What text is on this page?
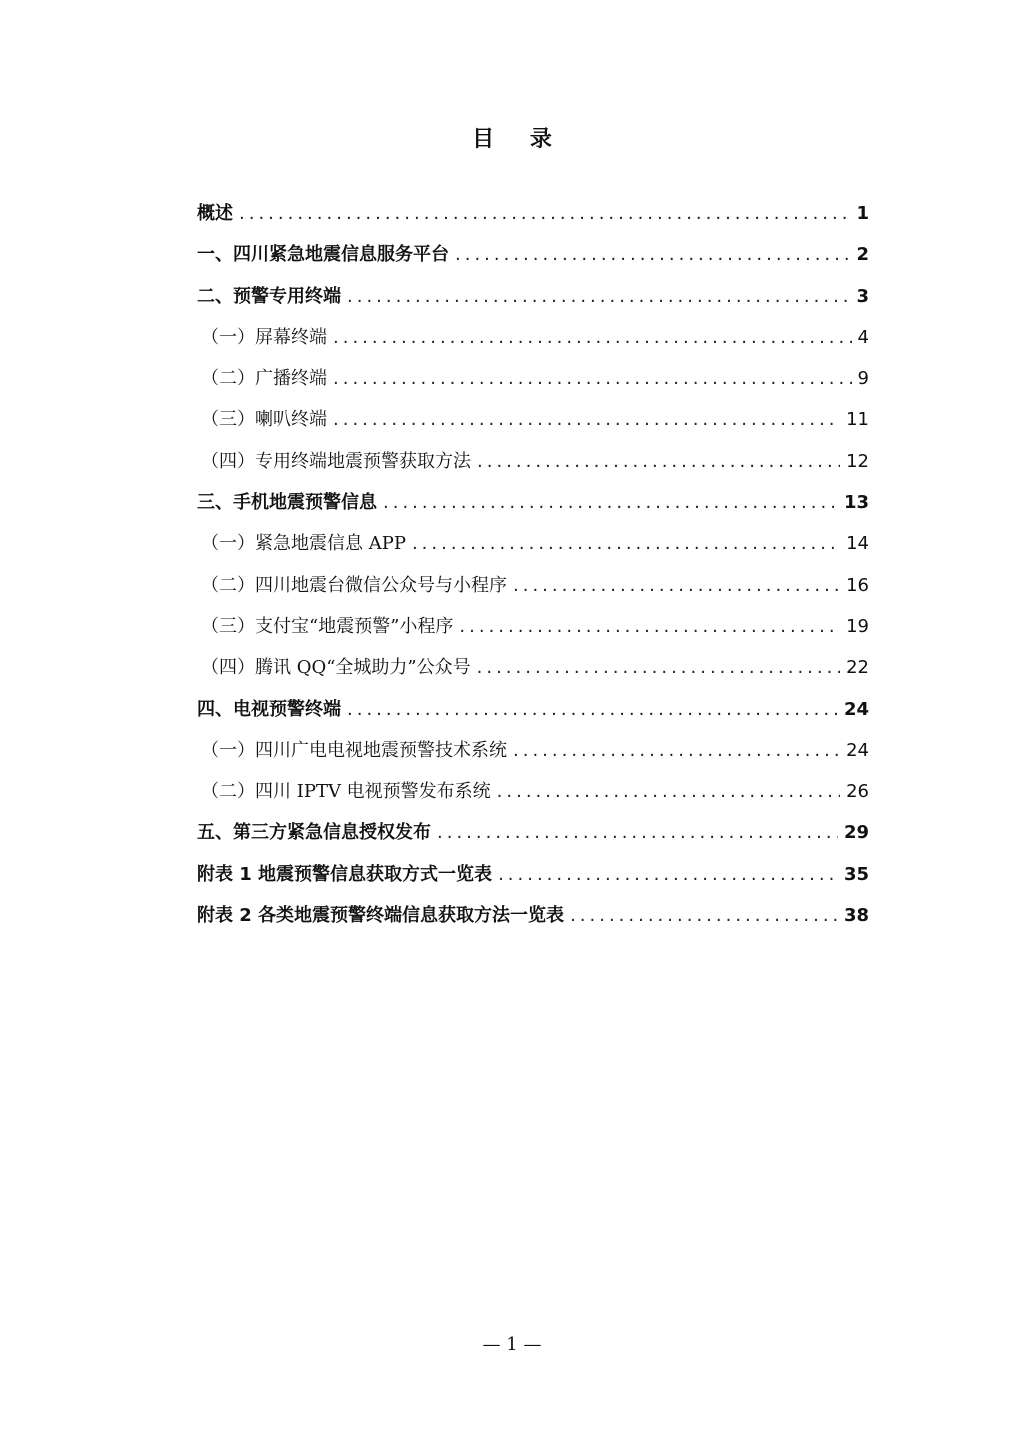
目 录
概述 .....	1
一、四川紧急地震信息服务平台 .....	2
二、预警专用终端 .....	3
（一）屏幕终端 .....	4
（二）广播终端 .....	9
（三）喇叭终端 .....	11
（四）专用终端地震预警获取方法 .....	12
三、手机地震预警信息 .....	13
（一）紧急地震信息 APP .....	14
（二）四川地震台微信公众号与小程序 .....	16
（三）支付宝“地震预警”小程序 .....	19
（四）腾讯 QQ“全城助力”公众号 .....	22
四、电视预警终端 .....	24
（一）四川广电电视地震预警技术系统 .....	24
（二）四川 IPTV 电视预警发布系统 .....	26
五、第三方紧急信息授权发布 .....	29
附表 1 地震预警信息获取方式一览表 .....	35
附表 2 各类地震预警终端信息获取方法一览表 .....	38
— 1 —
